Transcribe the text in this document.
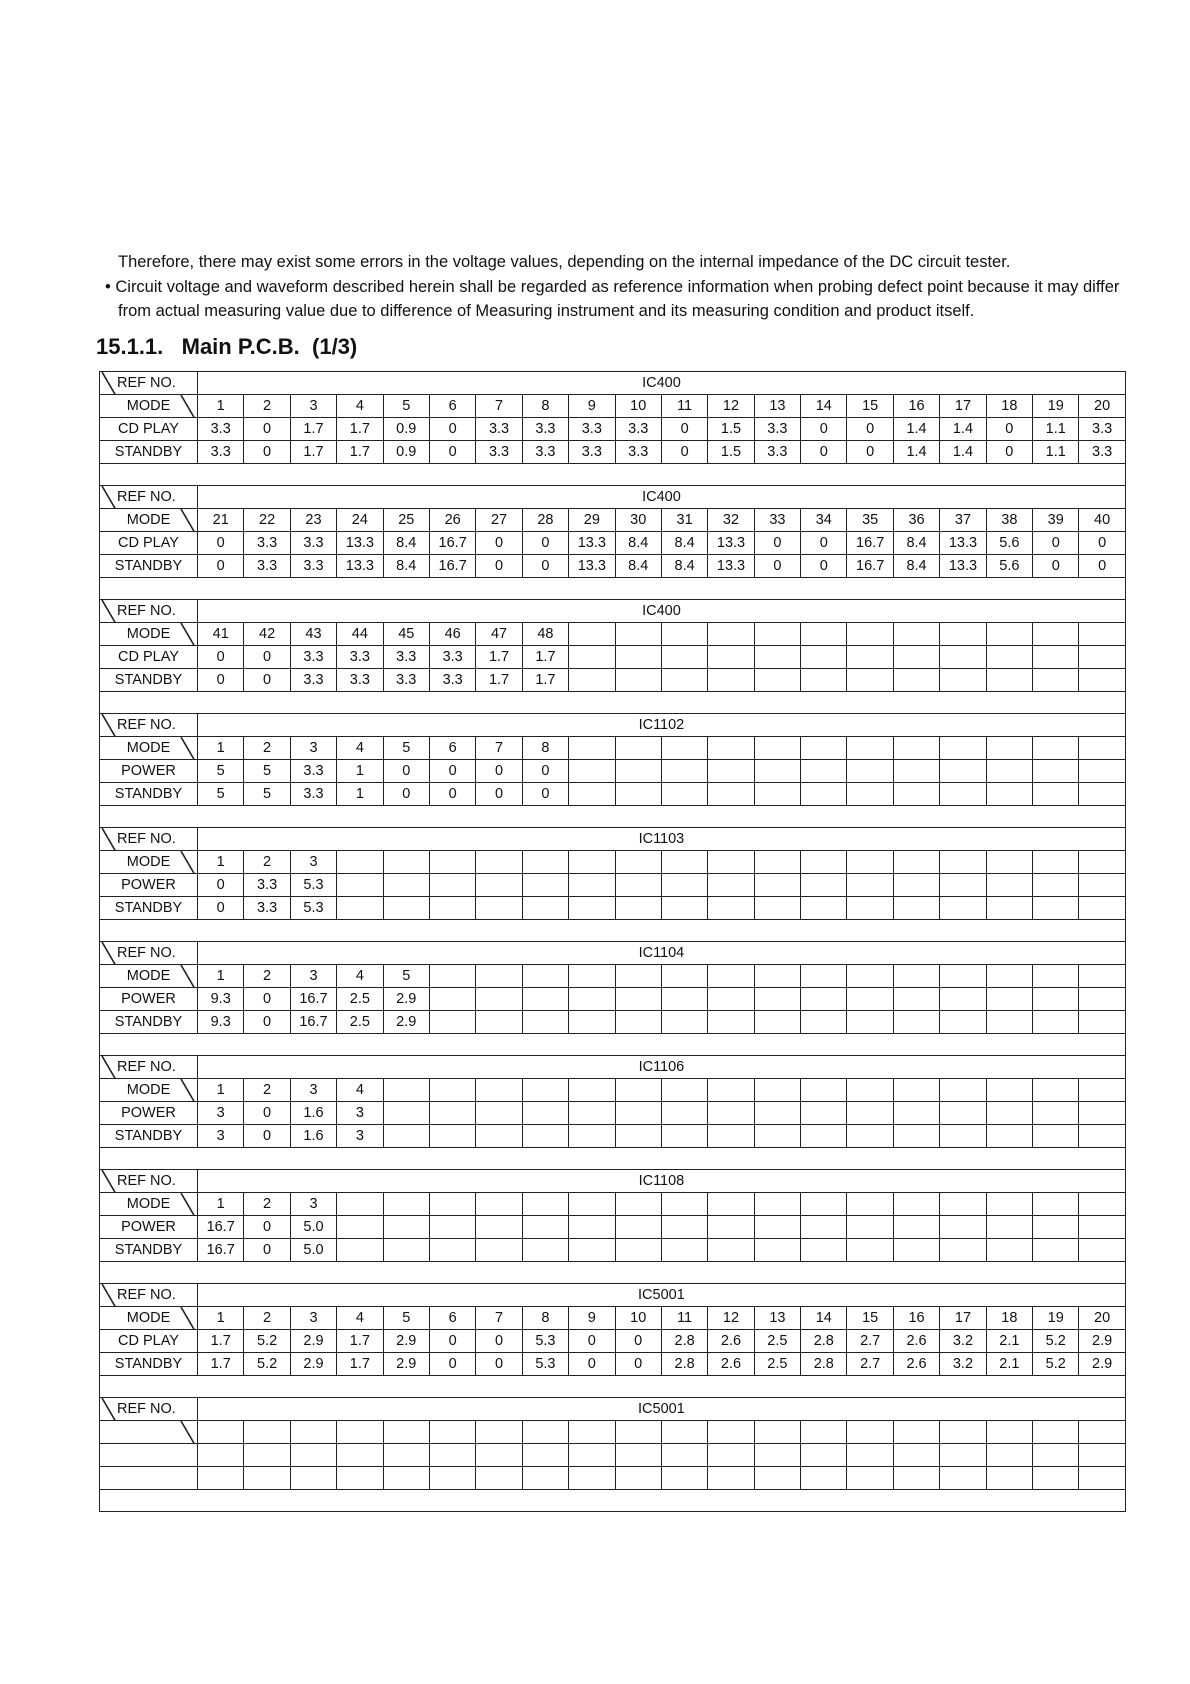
Therefore, there may exist some errors in the voltage values, depending on the internal impedance of the DC circuit tester.

• Circuit voltage and waveform described herein shall be regarded as reference information when probing defect point because it may differ from actual measuring value due to difference of Measuring instrument and its measuring condition and product itself.

15.1.1.   Main P.C.B.  (1/3)
REF NO.	IC400																			
MODE	1	2	3	4	5	6	7	8	9	10	11	12	13	14	15	16	17	18	19	20
CD PLAY	3.3	0	1.7	1.7	0.9	0	3.3	3.3	3.3	3.3	0	1.5	3.3	0	0	1.4	1.4	0	1.1	3.3
STANDBY	3.3	0	1.7	1.7	0.9	0	3.3	3.3	3.3	3.3	0	1.5	3.3	0	0	1.4	1.4	0	1.1	3.3

REF NO.	IC400																			
MODE	21	22	23	24	25	26	27	28	29	30	31	32	33	34	35	36	37	38	39	40
CD PLAY	0	3.3	3.3	13.3	8.4	16.7	0	0	13.3	8.4	8.4	13.3	0	0	16.7	8.4	13.3	5.6	0	0
STANDBY	0	3.3	3.3	13.3	8.4	16.7	0	0	13.3	8.4	8.4	13.3	0	0	16.7	8.4	13.3	5.6	0	0

REF NO.	IC400																			
MODE	41	42	43	44	45	46	47	48												
CD PLAY	0	0	3.3	3.3	3.3	3.3	1.7	1.7												
STANDBY	0	0	3.3	3.3	3.3	3.3	1.7	1.7												

REF NO.	IC1102																			
MODE	1	2	3	4	5	6	7	8												
POWER	5	5	3.3	1	0	0	0	0												
STANDBY	5	5	3.3	1	0	0	0	0												

REF NO.	IC1103																			
MODE	1	2	3																	
POWER	0	3.3	5.3																	
STANDBY	0	3.3	5.3																	

REF NO.	IC1104																			
MODE	1	2	3	4	5															
POWER	9.3	0	16.7	2.5	2.9															
STANDBY	9.3	0	16.7	2.5	2.9															

REF NO.	IC1106																			
MODE	1	2	3	4																
POWER	3	0	1.6	3																
STANDBY	3	0	1.6	3																

REF NO.	IC1108																			
MODE	1	2	3																	
POWER	16.7	0	5.0																	
STANDBY	16.7	0	5.0																	

REF NO.	IC5001																			
MODE	1	2	3	4	5	6	7	8	9	10	11	12	13	14	15	16	17	18	19	20
CD PLAY	1.7	5.2	2.9	1.7	2.9	0	0	5.3	0	0	2.8	2.6	2.5	2.8	2.7	2.6	3.2	2.1	5.2	2.9
STANDBY	1.7	5.2	2.9	1.7	2.9	0	0	5.3	0	0	2.8	2.6	2.5	2.8	2.7	2.6	3.2	2.1	5.2	2.9

REF NO.	IC5001																			
